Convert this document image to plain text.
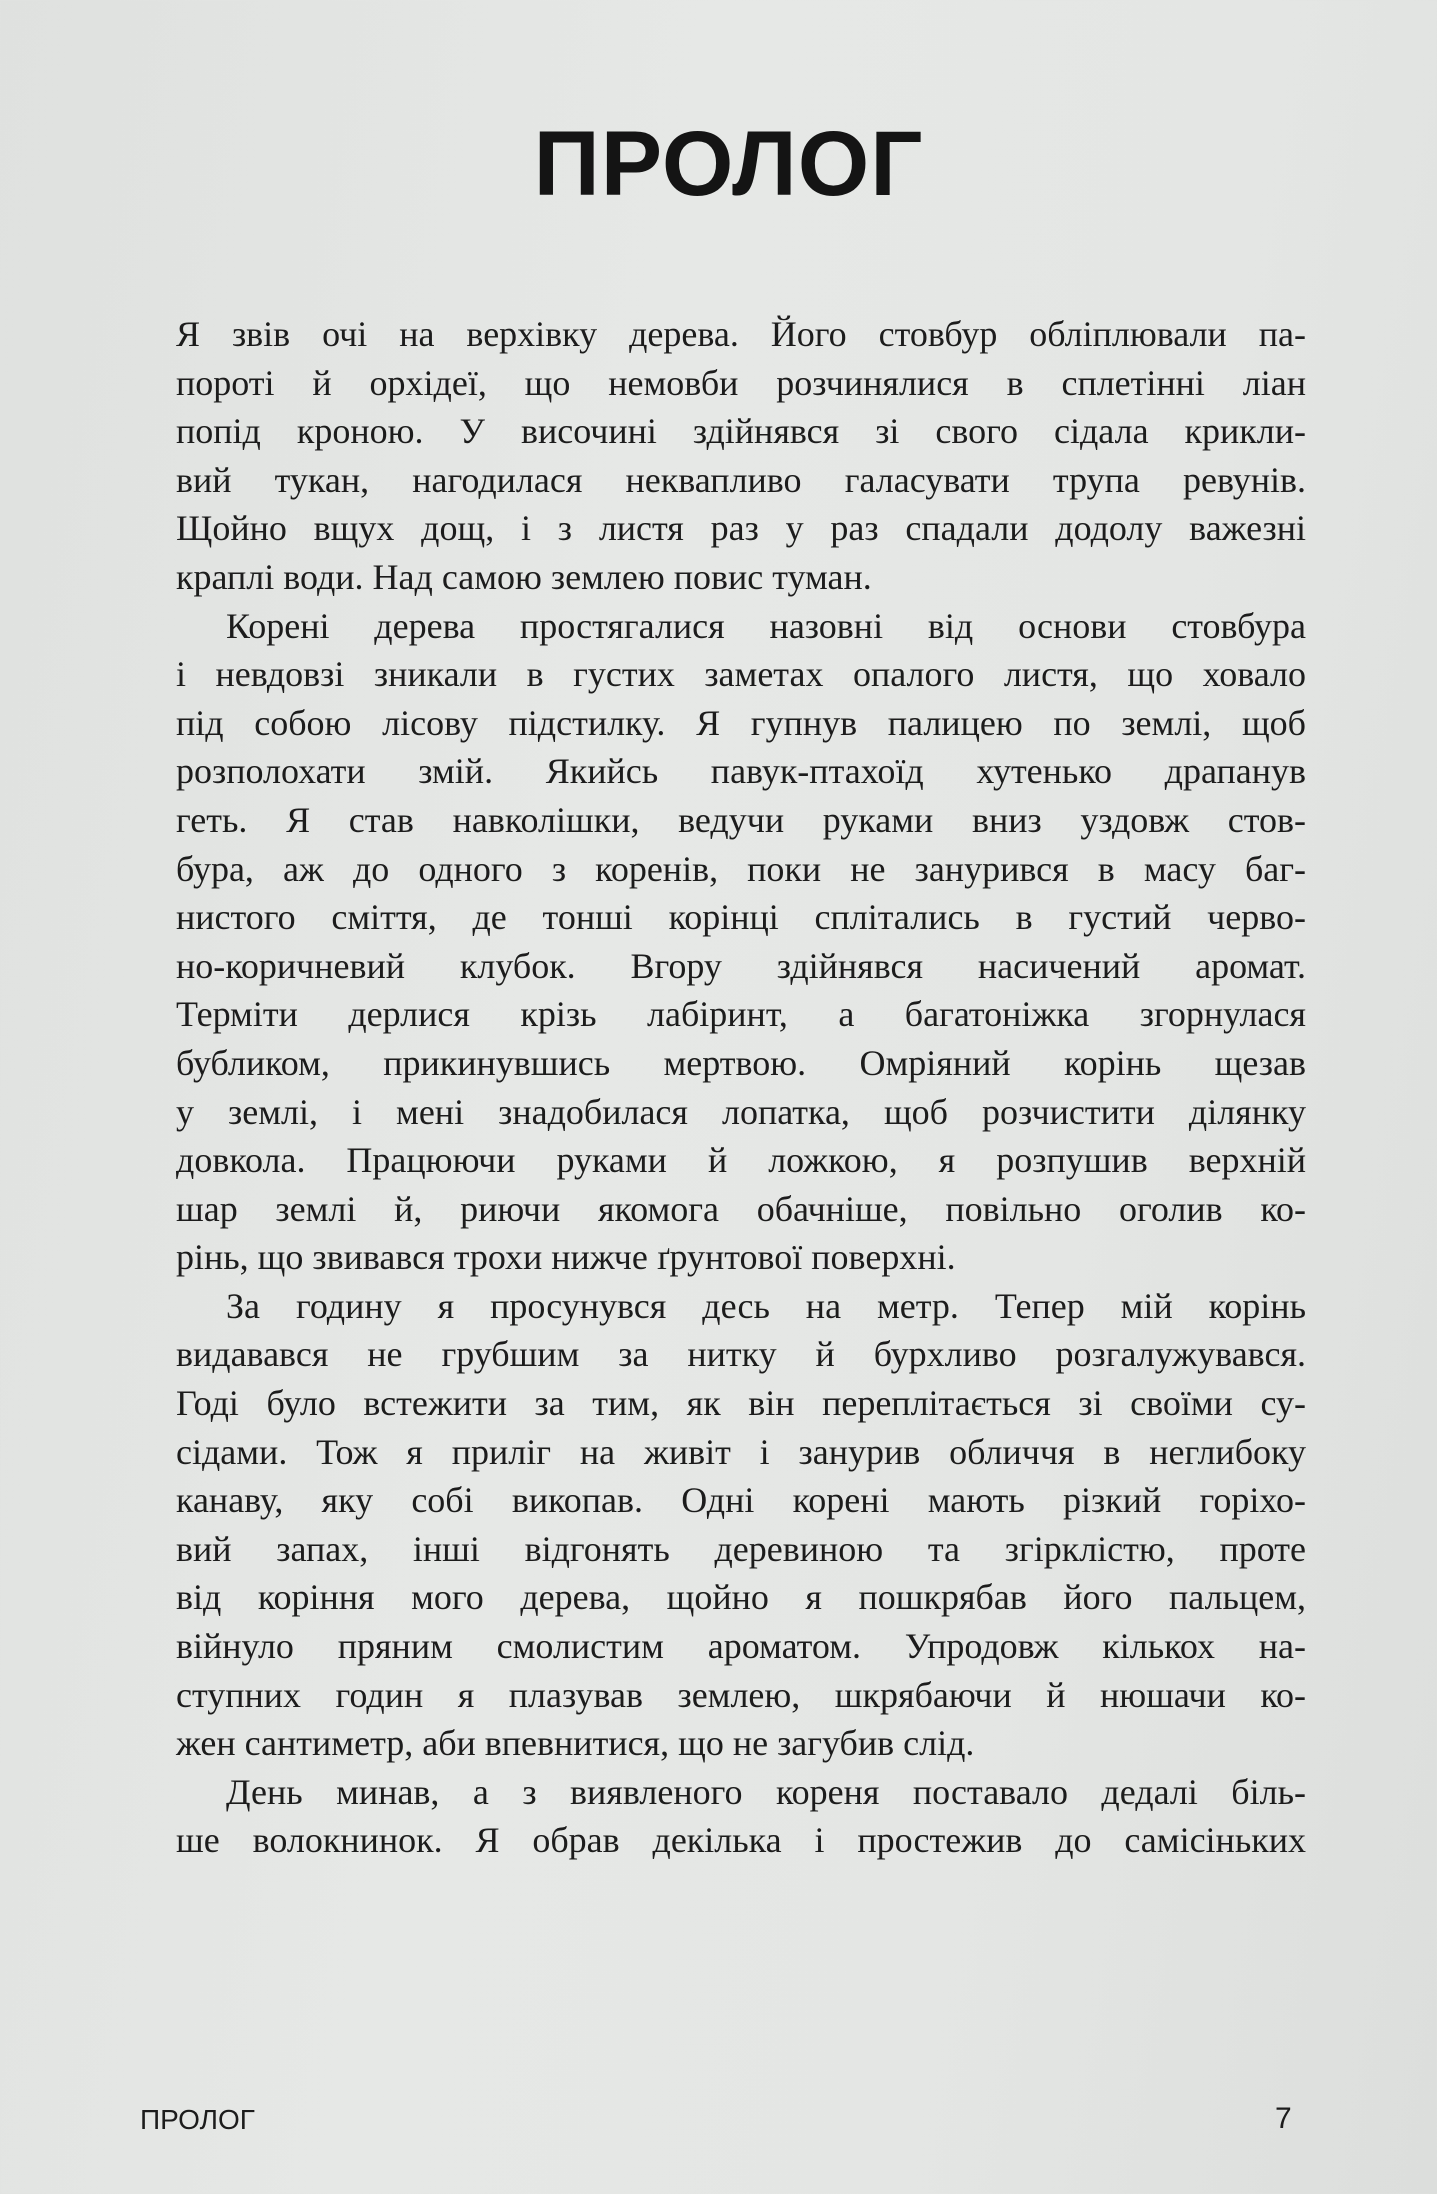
ПРОЛОГ
Я звів очі на верхівку дерева. Його стовбур обліплювали па-
пороті й орхідеї, що немовби розчинялися в сплетінні ліан
попід кроною. У височині здійнявся зі свого сідала крикли-
вий тукан, нагодилася неквапливо галасувати трупа ревунів.
Щойно вщух дощ, і з листя раз у раз спадали додолу важезні
краплі води. Над самою землею повис туман.
Корені дерева простягалися назовні від основи стовбура
і невдовзі зникали в густих заметах опалого листя, що ховало
під собою лісову підстилку. Я гупнув палицею по землі, щоб
розполохати змій. Якийсь павук-птахоїд хутенько драпанув
геть. Я став навколішки, ведучи руками вниз уздовж стов-
бура, аж до одного з коренів, поки не занурився в масу баг-
нистого сміття, де тонші корінці сплітались в густий черво-
но-коричневий клубок. Вгору здійнявся насичений аромат.
Терміти дерлися крізь лабіринт, а багатоніжка згорнулася
бубликом, прикинувшись мертвою. Омріяний корінь щезав
у землі, і мені знадобилася лопатка, щоб розчистити ділянку
довкола. Працюючи руками й ложкою, я розпушив верхній
шар землі й, риючи якомога обачніше, повільно оголив ко-
рінь, що звивався трохи нижче ґрунтової поверхні.
За годину я просунувся десь на метр. Тепер мій корінь
видавався не грубшим за нитку й бурхливо розгалужувався.
Годі було встежити за тим, як він переплітається зі своїми су-
сідами. Тож я приліг на живіт і занурив обличчя в неглибоку
канаву, яку собі викопав. Одні корені мають різкий горіхо-
вий запах, інші відгонять деревиною та згірклістю, проте
від коріння мого дерева, щойно я пошкрябав його пальцем,
війнуло пряним смолистим ароматом. Упродовж кількох на-
ступних годин я плазував землею, шкрябаючи й нюшачи ко-
жен сантиметр, аби впевнитися, що не загубив слід.
День минав, а з виявленого кореня поставало дедалі біль-
ше волокнинок. Я обрав декілька і простежив до самісіньких
ПРОЛОГ	7
